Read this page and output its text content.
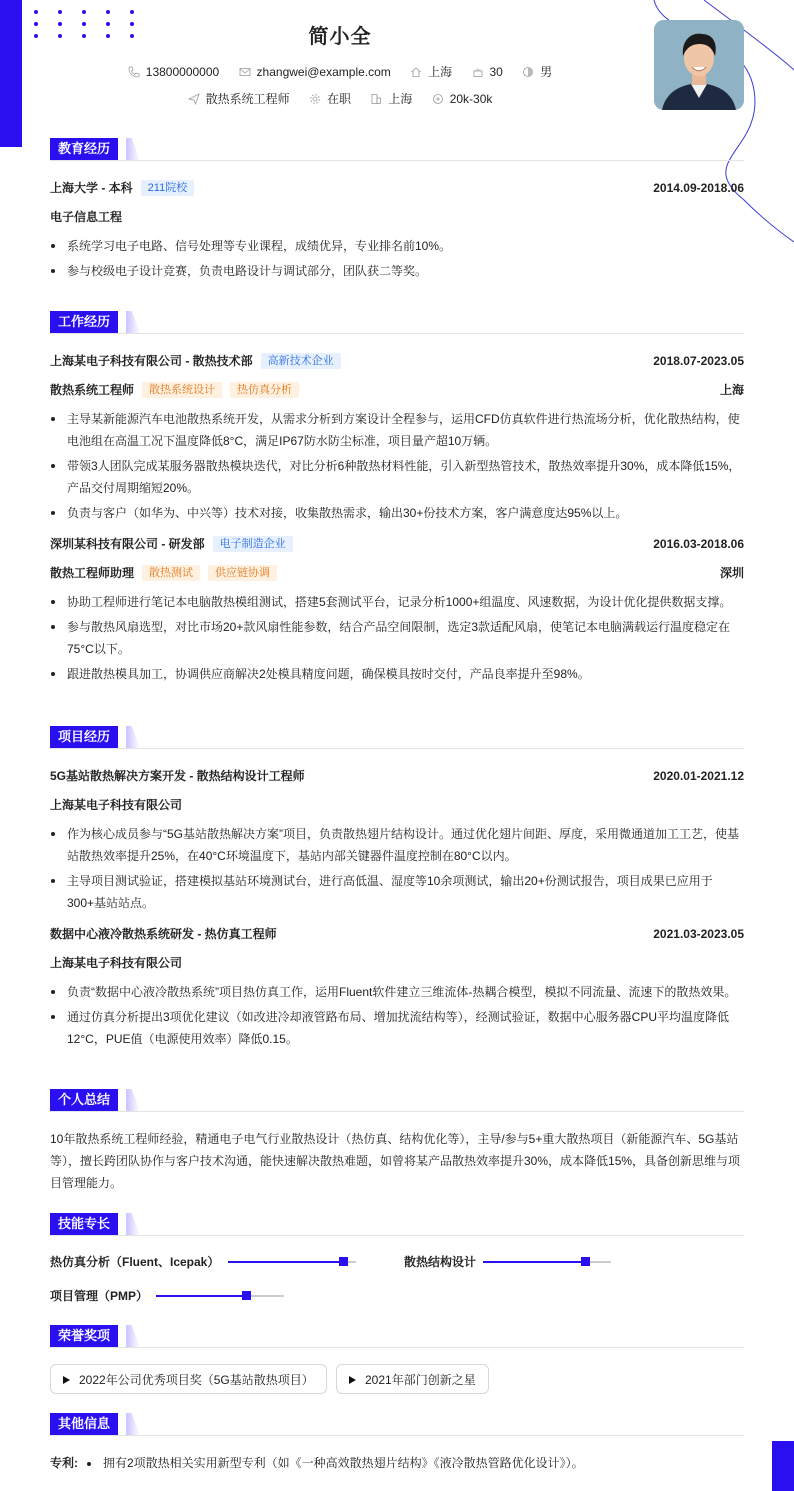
简小全
13800000000	zhangwei@example.com	上海	30	男
散热系统工程师	在职	上海	20k-30k
教育经历
上海大学 - 本科 211院校	2014.09-2018.06
电子信息工程
系统学习电子电路、信号处理等专业课程，成绩优异，专业排名前10%。
参与校级电子设计竞赛，负责电路设计与调试部分，团队获二等奖。
工作经历
上海某电子科技有限公司 - 散热技术部 高新技术企业	2018.07-2023.05
散热系统工程师 散热系统设计 热仿真分析	上海
主导某新能源汽车电池散热系统开发，从需求分析到方案设计全程参与，运用CFD仿真软件进行热流场分析，优化散热结构，使电池组在高温工况下温度降低8°C，满足IP67防水防尘标准，项目量产超10万辆。
带领3人团队完成某服务器散热模块迭代，对比分析6种散热材料性能，引入新型热管技术，散热效率提升30%，成本降低15%，产品交付周期缩短20%。
负责与客户（如华为、中兴等）技术对接，收集散热需求，输出30+份技术方案，客户满意度达95%以上。
深圳某科技有限公司 - 研发部 电子制造企业	2016.03-2018.06
散热工程师助理 散热测试 供应链协调	深圳
协助工程师进行笔记本电脑散热模组测试，搭建5套测试平台，记录分析1000+组温度、风速数据，为设计优化提供数据支撑。
参与散热风扇选型，对比市场20+款风扇性能参数，结合产品空间限制，选定3款适配风扇，使笔记本电脑满载运行温度稳定在75°C以下。
跟进散热模具加工，协调供应商解决2处模具精度问题，确保模具按时交付，产品良率提升至98%。
项目经历
5G基站散热解决方案开发 - 散热结构设计工程师	2020.01-2021.12
上海某电子科技有限公司
作为核心成员参与“5G基站散热解决方案”项目，负责散热翅片结构设计。通过优化翅片间距、厚度，采用微通道加工工艺，使基站散热效率提升25%，在40°C环境温度下，基站内部关键器件温度控制在80°C以内。
主导项目测试验证，搭建模拟基站环境测试台，进行高低温、湿度等10余项测试，输出20+份测试报告，项目成果已应用于300+基站站点。
数据中心液冷散热系统研发 - 热仿真工程师	2021.03-2023.05
上海某电子科技有限公司
负责“数据中心液冷散热系统”项目热仿真工作，运用Fluent软件建立三维流体-热耦合模型，模拟不同流量、流速下的散热效果。
通过仿真分析提出3项优化建议（如改进冷却液管路布局、增加扰流结构等），经测试验证，数据中心服务器CPU平均温度降低12°C，PUE值（电源使用效率）降低0.15。
个人总结
10年散热系统工程师经验，精通电子电气行业散热设计（热仿真、结构优化等），主导/参与5+重大散热项目（新能源汽车、5G基站等），擅长跨团队协作与客户技术沟通，能快速解决散热难题，如曾将某产品散热效率提升30%，成本降低15%，具备创新思维与项目管理能力。
技能专长
热仿真分析（Fluent、Icepak）	散热结构设计
项目管理（PMP）
荣誉奖项
2022年公司优秀项目奖（5G基站散热项目）	2021年部门创新之星
其他信息
专利:	拥有2项散热相关实用新型专利（如《一种高效散热翅片结构》《液冷散热管路优化设计》）。
